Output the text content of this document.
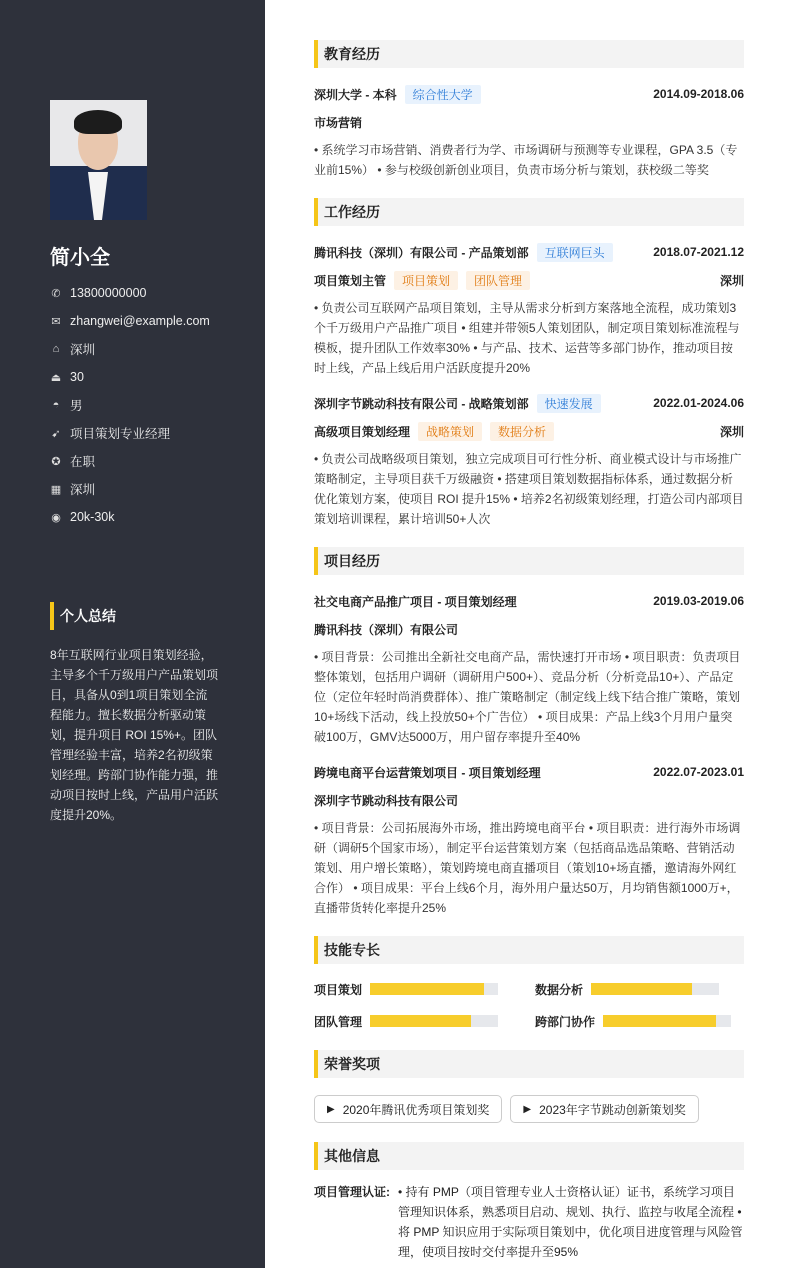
简小全
✆ 13800000000
✉ zhangwei@example.com
⌂ 深圳
⏏ 30
◓ 男
➹ 项目策划专业经理
✪ 在职
▦ 深圳
◉ 20k-30k
个人总结
8年互联网行业项目策划经验，主导多个千万级用户产品策划项目，具备从0到1项目策划全流程能力。擅长数据分析驱动策划，提升项目 ROI 15%+。团队管理经验丰富，培养2名初级策划经理。跨部门协作能力强，推动项目按时上线，产品用户活跃度提升20%。
教育经历
深圳大学 - 本科	综合性大学	2014.09-2018.06
市场营销
• 系统学习市场营销、消费者行为学、市场调研与预测等专业课程，GPA 3.5（专业前15%） • 参与校级创新创业项目，负责市场分析与策划，获校级二等奖
工作经历
腾讯科技（深圳）有限公司 - 产品策划部	互联网巨头	2018.07-2021.12
项目策划主管	项目策划	团队管理	深圳
• 负责公司互联网产品项目策划，主导从需求分析到方案落地全流程，成功策划3个千万级用户产品推广项目 • 组建并带领5人策划团队，制定项目策划标准流程与模板，提升团队工作效率30% • 与产品、技术、运营等多部门协作，推动项目按时上线，产品上线后用户活跃度提升20%
深圳字节跳动科技有限公司 - 战略策划部	快速发展	2022.01-2024.06
高级项目策划经理	战略策划	数据分析	深圳
• 负责公司战略级项目策划，独立完成项目可行性分析、商业模式设计与市场推广策略制定，主导项目获千万级融资 • 搭建项目策划数据指标体系，通过数据分析优化策划方案，使项目 ROI 提升15% • 培养2名初级策划经理，打造公司内部项目策划培训课程，累计培训50+人次
项目经历
社交电商产品推广项目 - 项目策划经理	2019.03-2019.06
腾讯科技（深圳）有限公司
• 项目背景：公司推出全新社交电商产品，需快速打开市场 • 项目职责：负责项目整体策划，包括用户调研（调研用户500+）、竞品分析（分析竞品10+）、产品定位（定位年轻时尚消费群体）、推广策略制定（制定线上线下结合推广策略，策划10+场线下活动，线上投放50+个广告位） • 项目成果：产品上线3个月用户量突破100万，GMV达5000万，用户留存率提升至40%
跨境电商平台运营策划项目 - 项目策划经理	2022.07-2023.01
深圳字节跳动科技有限公司
• 项目背景：公司拓展海外市场，推出跨境电商平台 • 项目职责：进行海外市场调研（调研5个国家市场），制定平台运营策划方案（包括商品选品策略、营销活动策划、用户增长策略），策划跨境电商直播项目（策划10+场直播，邀请海外网红合作） • 项目成果：平台上线6个月，海外用户量达50万，月均销售额1000万+，直播带货转化率提升25%
技能专长
项目策划	数据分析
团队管理	跨部门协作
荣誉奖项
▶ 2020年腾讯优秀项目策划奖	▶ 2023年字节跳动创新策划奖
其他信息
项目管理认证: • 持有 PMP（项目管理专业人士资格认证）证书，系统学习项目管理知识体系，熟悉项目启动、规划、执行、监控与收尾全流程 • 将 PMP 知识应用于实际项目策划中，优化项目进度管理与风险管理，使项目按时交付率提升至95%
